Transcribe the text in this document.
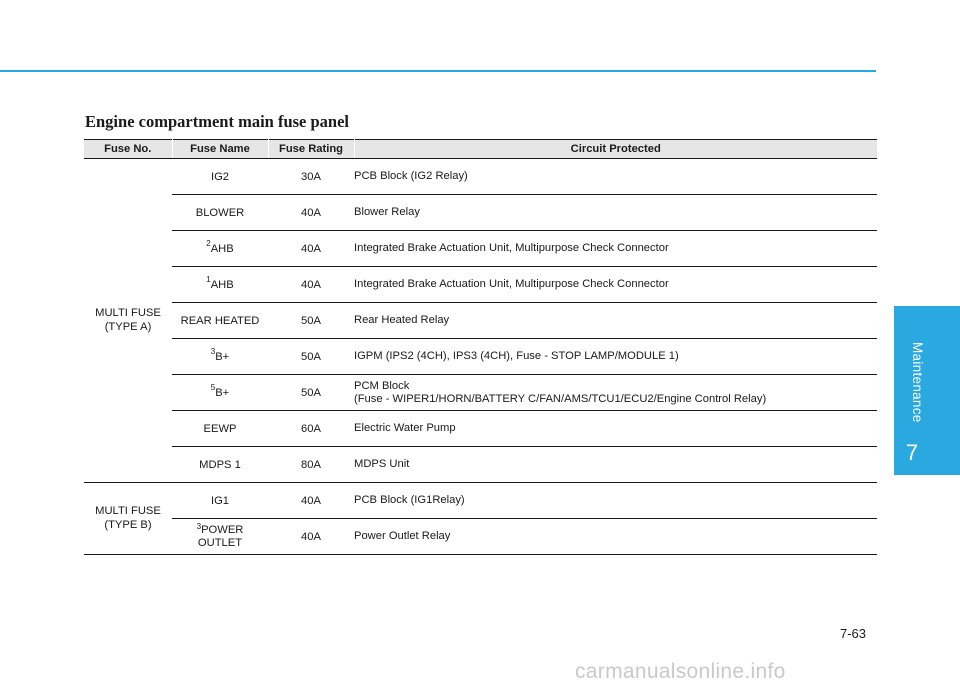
Engine compartment main fuse panel
Maintenance
7
Fuse No.	Fuse Name	Fuse Rating	Circuit Protected
MULTI FUSE
(TYPE A)	IG2	30A	PCB Block (IG2 Relay)
	BLOWER	40A	Blower Relay
	$^2$AHB	40A	Integrated Brake Actuation Unit, Multipurpose Check Connector
	$^1$AHB	40A	Integrated Brake Actuation Unit, Multipurpose Check Connector
	REAR HEATED	50A	Rear Heated Relay
	$^3$B+	50A	IGPM (IPS2 (4CH), IPS3 (4CH), Fuse - STOP LAMP/MODULE 1)
	$^5$B+	50A	PCM Block
(Fuse - WIPER1/HORN/BATTERY C/FAN/AMS/TCU1/ECU2/Engine Control Relay)
	EEWP	60A	Electric Water Pump
	MDPS 1	80A	MDPS Unit
MULTI FUSE
(TYPE B)	IG1	40A	PCB Block (IG1Relay)
	$^3$POWER
OUTLET	40A	Power Outlet Relay
7-63
carmanualsonline.info
